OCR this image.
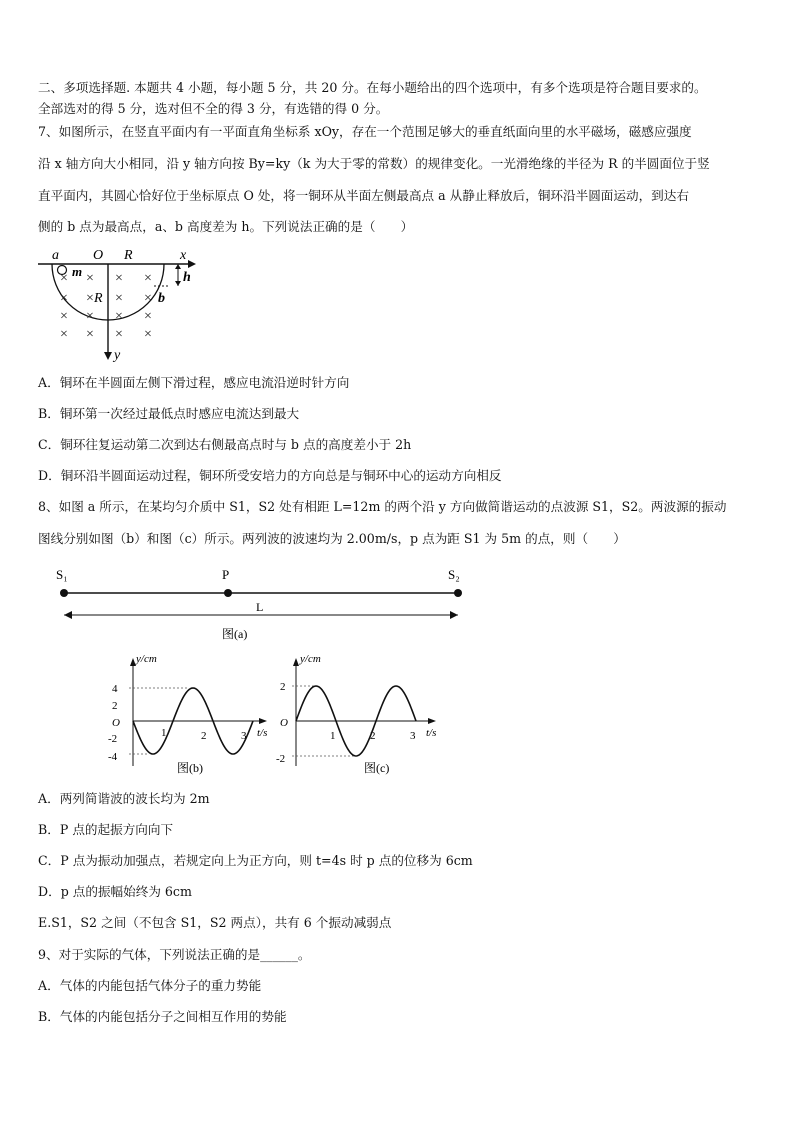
二、多项选择题. 本题共 4 小题，每小题 5 分，共 20 分。在每小题给出的四个选项中，有多个选项是符合题目要求的。
全部选对的得 5 分，选对但不全的得 3 分，有选错的得 0 分。
7、如图所示，在竖直平面内有一平面直角坐标系 xOy，存在一个范围足够大的垂直纸面向里的水平磁场，磁感应强度
沿 x 轴方向大小相同，沿 y 轴方向按 By=ky（k 为大于零的常数）的规律变化。一光滑绝缘的半径为 R 的半圆面位于竖
直平面内，其圆心恰好位于坐标原点 O 处，将一铜环从半面左侧最高点 a 从静止释放后，铜环沿半圆面运动，到达右
侧的 b 点为最高点，a、b 高度差为 h。下列说法正确的是（　　）
a O R	x
m	h
b
R
y
× × × ×
× × × ×
× × × ×
× × × ×
A．铜环在半圆面左侧下滑过程，感应电流沿逆时针方向
B．铜环第一次经过最低点时感应电流达到最大
C．铜环往复运动第二次到达右侧最高点时与 b 点的高度差小于 2h
D．铜环沿半圆面运动过程，铜环所受安培力的方向总是与铜环中心的运动方向相反
8、如图 a 所示，在某均匀介质中 S1，S2 处有相距 L=12m 的两个沿 y 方向做简谐运动的点波源 S1，S2。两波源的振动
图线分别如图（b）和图（c）所示。两列波的波速均为 2.00m/s，p 点为距 S1 为 5m 的点，则（　　）
S₁	P	S₂
L
图(a)
y/cm
t/s
4
2
O
-2
-4
1	2	3
图(b)
y/cm
t/s
2
O
-2
1	2	3
图(c)
A．两列简谐波的波长均为 2m
B．P 点的起振方向向下
C．P 点为振动加强点，若规定向上为正方向，则 t=4s 时 p 点的位移为 6cm
D．p 点的振幅始终为 6cm
E.S1，S2 之间（不包含 S1，S2 两点），共有 6 个振动减弱点
9、对于实际的气体，下列说法正确的是______。
A．气体的内能包括气体分子的重力势能
B．气体的内能包括分子之间相互作用的势能
